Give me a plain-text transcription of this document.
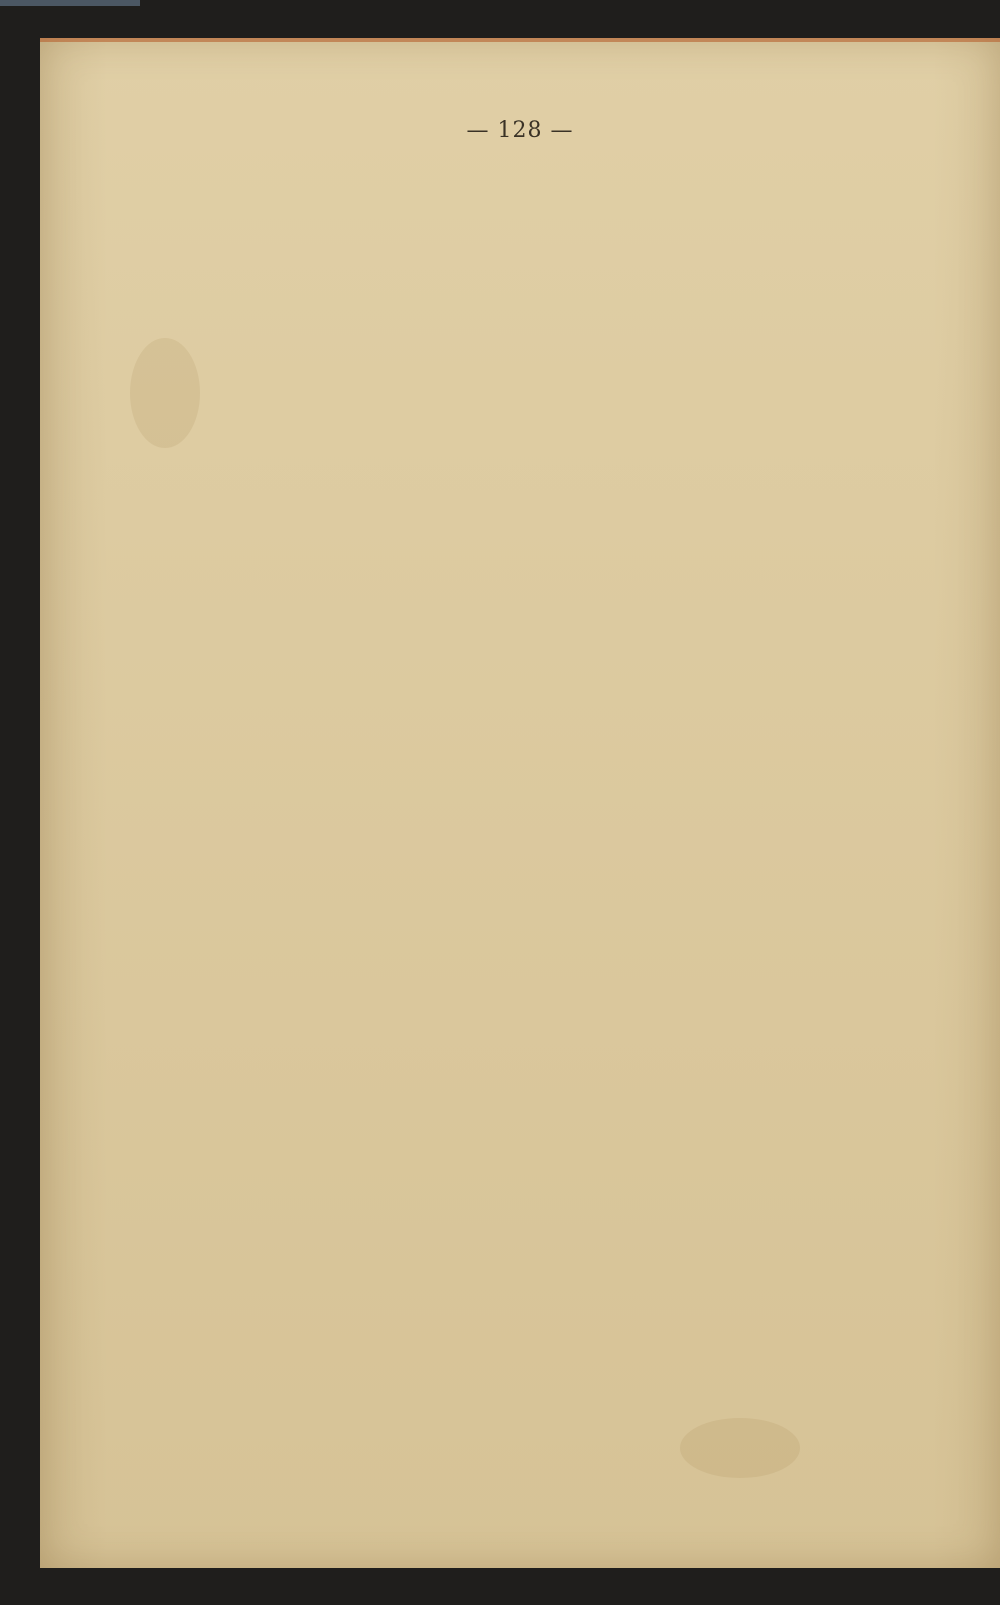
— 128 —
